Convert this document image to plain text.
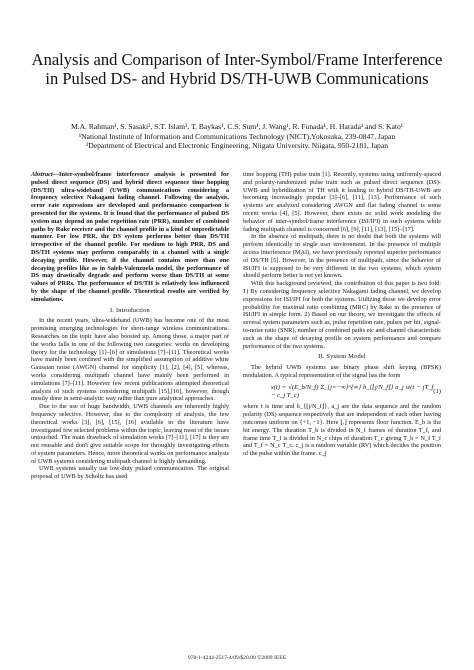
Analysis and Comparison of Inter-Symbol/Frame Interference in Pulsed DS- and Hybrid DS/TH-UWB Communications
M.A. Rahman¹, S. Sasaki², S.T. Islam², T. Baykas¹, C.S. Sum¹, J. Wang¹, R. Funada¹, H. Harada¹ and S. Kato¹
¹National Institute of Information and Communications Technology (NICT),Yokosuka, 239-0847, Japan
²Department of Electrical and Electronic Engineering, Niigata University, Niigata, 950-2181, Japan

Abstract—Inter-symbol/frame interference analysis is presented for pulsed direct sequence (DS) and hybrid direct sequence time hopping (DS/TH) ultra-wideband (UWB) communications considering a frequency selective Nakagami fading channel. Following the analysis, error rate expressions are developed and performance comparison is presented for the systems. It is found that the performance of pulsed DS system may depend on pulse repetition rate (PRR), number of combined paths by Rake receiver and the channel profile in a kind of unpredictable manner. For low PRR, the DS system performs better than DS/TH irrespective of the channel profile. For medium to high PRR, DS and DS/TH systems may perform comparably in a channel with a single decaying profile. However, if the channel contains more than one decaying profiles like as in Saleh-Valenzuela model, the performance of DS may drastically degrade and perform worse than DS/TH at some values of PRRs. The performance of DS/TH is relatively less influenced by the shape of the channel profile. Theoretical results are verified by simulations.

I. Introduction

In the recent years, ultra-wideband (UWB) has become one of the most promising emerging technologies for short-range wireless communications. Researches on the topic have also boosted up. Among those, a major part of the works falls in one of the following two categories: works on developing theory for the technology [1]–[6] or simulations [7]–[11]. Theoretical works have mainly been confined with the simplified assumption of additive white Gaussian noise (AWGN) channel for simplicity [1], [2], [4], [5], whereas, works considering multipath channel have mainly been performed in simulations [7]–[11]. However few recent publications attempted theoretical analysis of such systems considering multipath [15],[16], however, though mostly done in semi-analytic way rather than pure analytical approaches.

Due to the use of huge bandwidth, UWB channels are inherently highly frequency selective. However, due to the complexity of analysis, the few theoretical works [3], [6], [15], [16] available in the literature have investigated few selected problems within the topic, leaving most of the issues untouched. The main drawback of simulation works [7]–[11], [17] is they are not reusable and don't give suitable scope for throughly investigating effects of system parameters. Hence, more theoretical works on performance analysis of UWB systems considering multipath channel is highly demanding.

UWB systems usually use low-duty pulsed communication. The original proposal of UWB by Scholtz has used

time hopping (TH) pulse train [1]. Recently, systems using uniformly-spaced and polarity-randomized pulse train such as pulsed direct sequence (DS)-UWB and hybridization of TH with it leading to hybrid DS/TH-UWB are becoming increasingly popular [3]–[6], [11], [13]. Performance of such systems are analyzed considering AWGN and flat fading channel is some recent works [4], [5]. However, there exists no solid work modeling the behavior of inter-symbol/frame interference (ISI/IFI) in such systems while fading multipath channel is concerned [6], [9], [11], [13], [15]–[17].

In the absence of multipath, there is no doubt that both the systems will perform identically in single user environment. In the presence of multiple access interference (MAI), we have previously reported superior performance of DS/TH [5]. However, in the presence of multipath, since the behavior of ISI/IFI is supposed to be very different in the two systems, which system should perform better is not yet known.

With this background reviewed, the contribution of this paper is two fold: 1) By considering frequency selective Nakagami fading channel, we develop expressions for ISI/IFI for both the systems. Utilizing those we develop error probability for maximal ratio combining (MRC) by Rake in the presence of ISI/IFI in simple form. 2) Based on our theory, we investigate the effects of several system parameters such as, pulse repetition rate, pulses per bit, signal-to-noise ratio (SNR), number of combined paths etc and channel characteristic such as the shape of decaying profile on system performance and compare performance of the two systems.

II. System Model

The hybrid UWB systems use binary phase shift keying (BPSK) modulation. A typical representation of the signal has the form

s(t) = √(E_b/N_f) Σ_{j=−∞}^{∞} b_{⌊j/N_f⌋} a_j w(t − jT_f − c_j T_c)
(1)

where t is time and b_{⌊j/N_f⌋}, a_j are the data sequence and the random polarity (DS) sequence respectively that are independent of each other having outcomes uniform on {+1, −1}. Here ⌊.⌋ represents floor function. E_b is the bit energy. The duration T_b is divided in N_f frames of duration T_f, and frame time T_f is divided in N_c chips of duration T_c giving T_b = N_f T_f and T_f = N_c T_c. c_j is a random variable (RV) which decides the position of the pulse within the frame. c_j

978-1-4244-2517-4/09/$20.00 ©2009 IEEE
